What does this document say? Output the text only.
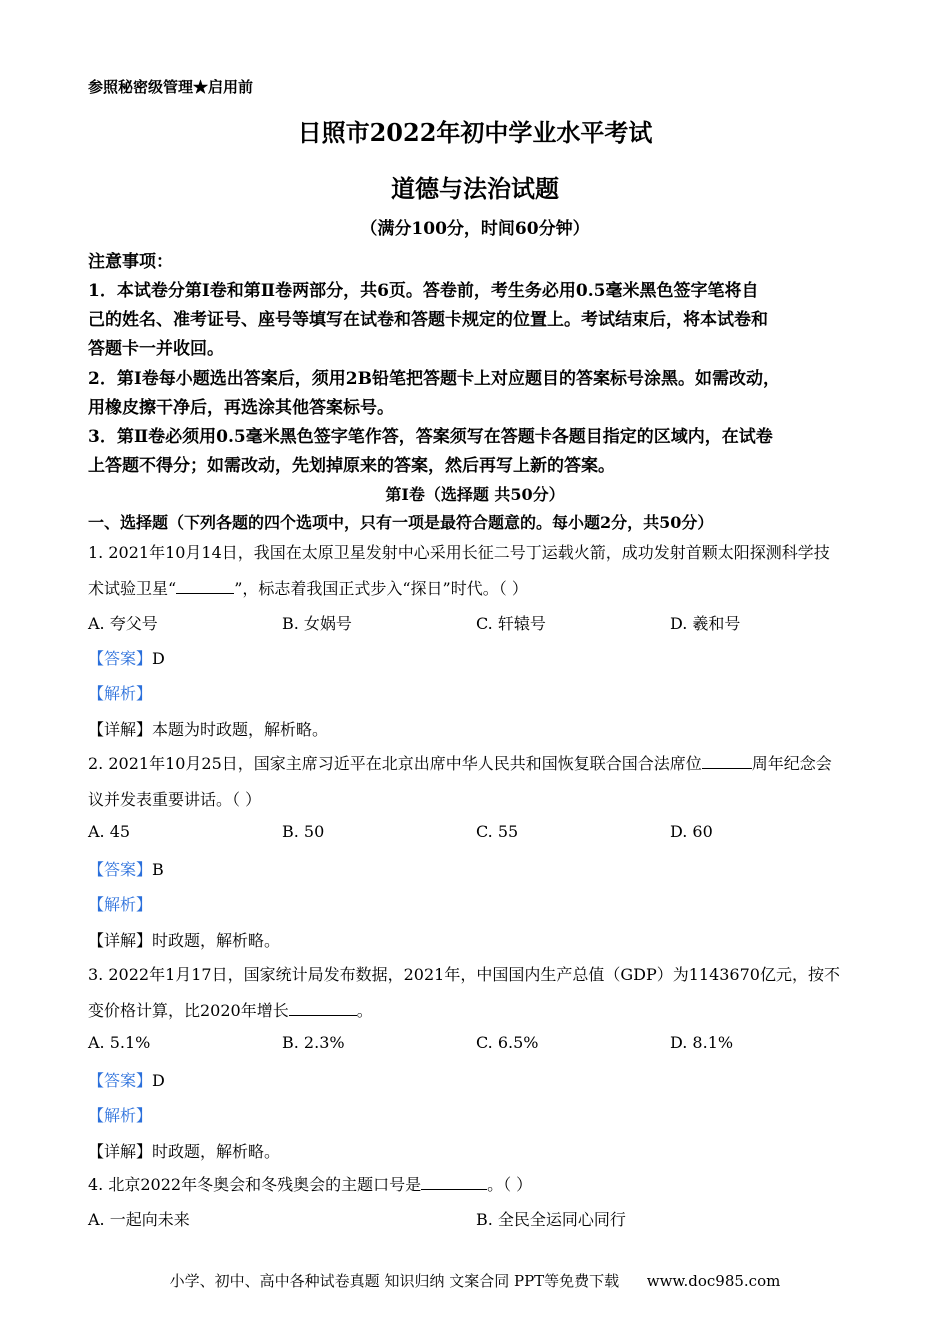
参照秘密级管理★启用前
日照市2022年初中学业水平考试
道德与法治试题
（满分100分，时间60分钟）
注意事项：
1．本试卷分第Ⅰ卷和第Ⅱ卷两部分，共6页。答卷前，考生务必用0.5毫米黑色签字笔将自
己的姓名、准考证号、座号等填写在试卷和答题卡规定的位置上。考试结束后，将本试卷和
答题卡一并收回。
2．第Ⅰ卷每小题选出答案后，须用2B铅笔把答题卡上对应题目的答案标号涂黑。如需改动，
用橡皮擦干净后，再选涂其他答案标号。
3．第Ⅱ卷必须用0.5毫米黑色签字笔作答，答案须写在答题卡各题目指定的区域内，在试卷
上答题不得分；如需改动，先划掉原来的答案，然后再写上新的答案。
第Ⅰ卷（选择题 共50分）
一、选择题（下列各题的四个选项中，只有一项是最符合题意的。每小题2分，共50分）
1. 2021年10月14日，我国在太原卫星发射中心采用长征二号丁运载火箭，成功发射首颗太阳探测科学技
术试验卫星“	”，标志着我国正式步入“探日”时代。（ ）
A. 夸父号	B. 女娲号	C. 轩辕号	D. 羲和号
【答案】D
【解析】
【详解】本题为时政题，解析略。
2. 2021年10月25日，国家主席习近平在北京出席中华人民共和国恢复联合国合法席位	周年纪念会
议并发表重要讲话。（ ）
A. 45	B. 50	C. 55	D. 60
【答案】B
【解析】
【详解】时政题，解析略。
3. 2022年1月17日，国家统计局发布数据，2021年，中国国内生产总值（GDP）为1143670亿元，按不
变价格计算，比2020年增长	。
A. 5.1%	B. 2.3%	C. 6.5%	D. 8.1%
【答案】D
【解析】
【详解】时政题，解析略。
4. 北京2022年冬奥会和冬残奥会的主题口号是	。（ ）
A. 一起向未来	B. 全民全运同心同行
小学、初中、高中各种试卷真题 知识归纳 文案合同 PPT等免费下载 www.doc985.com
